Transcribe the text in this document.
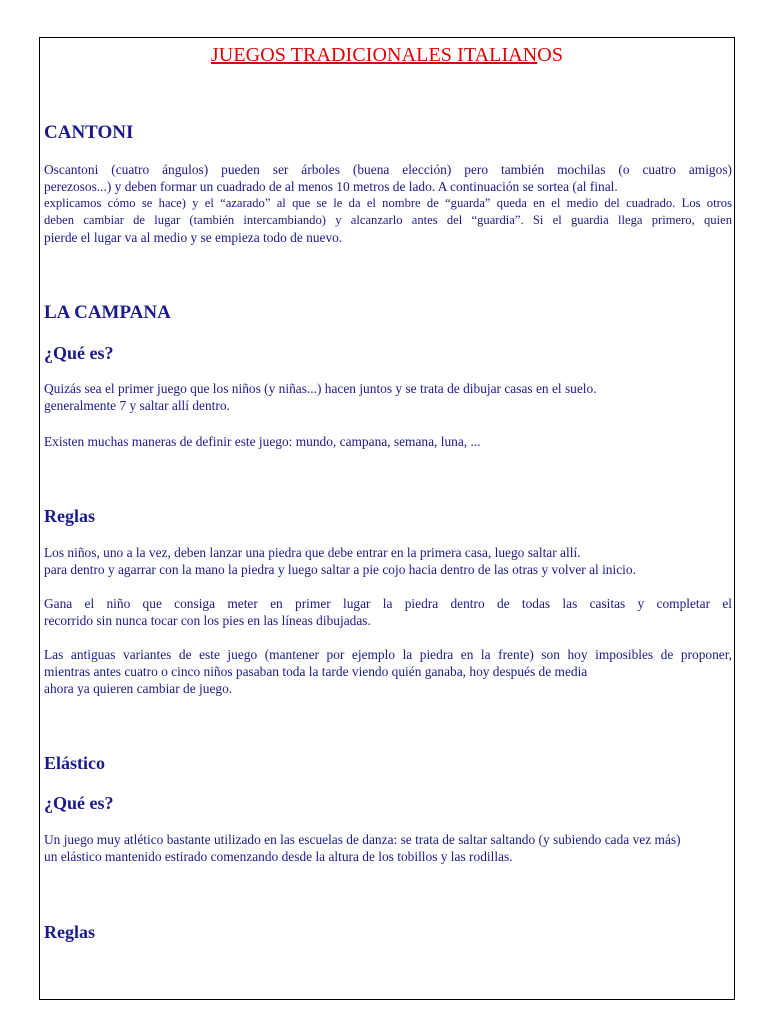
JUEGOS TRADICIONALES ITALIANOS
CANTONI
Oscantoni (cuatro ángulos) pueden ser árboles (buena elección) pero también mochilas (o cuatro amigos)
perezosos...) y deben formar un cuadrado de al menos 10 metros de lado. A continuación se sortea (al final.
explicamos cómo se hace) y el “azarado” al que se le da el nombre de “guarda” queda en el medio del cuadrado. Los otros
deben cambiar de lugar (también intercambiando) y alcanzarlo antes del “guardia”. Si el guardia llega primero, quien
pierde el lugar va al medio y se empieza todo de nuevo.
LA CAMPANA
¿Qué es?
Quizás sea el primer juego que los niños (y niñas...) hacen juntos y se trata de dibujar casas en el suelo.
generalmente 7 y saltar allí dentro.
Existen muchas maneras de definir este juego: mundo, campana, semana, luna, ...
Reglas
Los niños, uno a la vez, deben lanzar una piedra que debe entrar en la primera casa, luego saltar allí.
para dentro y agarrar con la mano la piedra y luego saltar a pie cojo hacia dentro de las otras y volver al inicio.
Gana el niño que consiga meter en primer lugar la piedra dentro de todas las casitas y completar el
recorrido sin nunca tocar con los pies en las líneas dibujadas.
Las antiguas variantes de este juego (mantener por ejemplo la piedra en la frente) son hoy imposibles de proponer,
mientras antes cuatro o cinco niños pasaban toda la tarde viendo quién ganaba, hoy después de media
ahora ya quieren cambiar de juego.
Elástico
¿Qué es?
Un juego muy atlético bastante utilizado en las escuelas de danza: se trata de saltar saltando (y subiendo cada vez más)
un elástico mantenido estirado comenzando desde la altura de los tobillos y las rodillas.
Reglas
